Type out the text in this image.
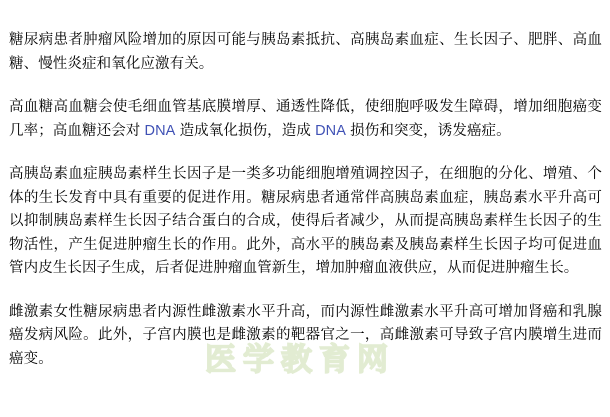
医学教育网

糖尿病患者肿瘤风险增加的原因可能与胰岛素抵抗、高胰岛素血症、生长因子、肥胖、高血糖、慢性炎症和氧化应激有关。

高血糖高血糖会使毛细血管基底膜增厚、通透性降低，使细胞呼吸发生障碍，增加细胞癌变几率；高血糖还会对 DNA 造成氧化损伤，造成 DNA 损伤和突变，诱发癌症。

高胰岛素血症胰岛素样生长因子是一类多功能细胞增殖调控因子，在细胞的分化、增殖、个体的生长发育中具有重要的促进作用。糖尿病患者通常伴高胰岛素血症，胰岛素水平升高可以抑制胰岛素样生长因子结合蛋白的合成，使得后者减少，从而提高胰岛素样生长因子的生物活性，产生促进肿瘤生长的作用。此外，高水平的胰岛素及胰岛素样生长因子均可促进血管内皮生长因子生成，后者促进肿瘤血管新生，增加肿瘤血液供应，从而促进肿瘤生长。

雌激素女性糖尿病患者内源性雌激素水平升高，而内源性雌激素水平升高可增加肾癌和乳腺癌发病风险。此外，子宫内膜也是雌激素的靶器官之一，高雌激素可导致子宫内膜增生进而癌变。
